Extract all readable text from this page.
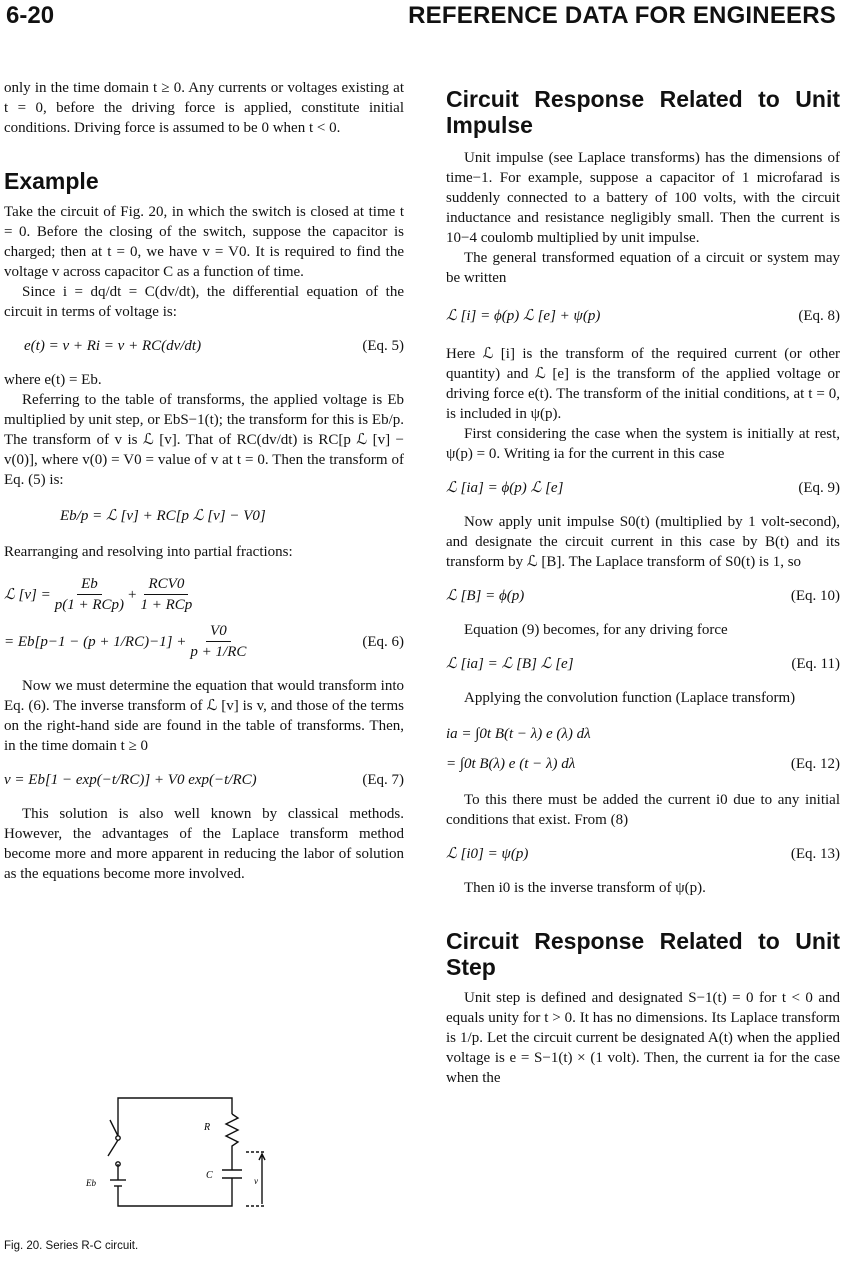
6-20	REFERENCE DATA FOR ENGINEERS

only in the time domain t ≥ 0. Any currents or voltages existing at t = 0, before the driving force is applied, constitute initial conditions. Driving force is assumed to be 0 when t < 0.

Example

Take the circuit of Fig. 20, in which the switch is closed at time t = 0. Before the closing of the switch, suppose the capacitor is charged; then at t = 0, we have v = V0. It is required to find the voltage v across capacitor C as a function of time.

Since i = dq/dt = C(dv/dt), the differential equation of the circuit in terms of voltage is:

e(t) = v + Ri = v + RC(dv/dt)	(Eq. 5)

where e(t) = Eb.

Referring to the table of transforms, the applied voltage is Eb multiplied by unit step, or EbS−1(t); the transform for this is Eb/p. The transform of v is ℒ [v]. That of RC(dv/dt) is RC[p ℒ [v] − v(0)], where v(0) = V0 = value of v at t = 0. Then the transform of Eq. (5) is:

Eb/p = ℒ [v] + RC[p ℒ [v] − V0]

Rearranging and resolving into partial fractions:

ℒ $[v] = \frac{Eb}{\text{p(1 + RCp)}} + \frac{\text{RCV0}}{\text{1 + RCp}}$
= $Eb[p-1 - (p + 1/RC)-1] + \frac{V0}{p + 1/RC}$	(Eq. 6)

Now we must determine the equation that would transform into Eq. (6). The inverse transform of ℒ [v] is v, and those of the terms on the right-hand side are found in the table of transforms. Then, in the time domain t ≥ 0

v = Eb[1 − exp(−t/RC)] + V0 exp(−t/RC)	(Eq. 7)

This solution is also well known by classical methods. However, the advantages of the Laplace transform method become more and more apparent in reducing the labor of solution as the equations become more involved.

R
C
Eb	v
Fig. 20. Series R-C circuit.
Circuit Response Related to Unit Impulse

Unit impulse (see Laplace transforms) has the dimensions of time−1. For example, suppose a capacitor of 1 microfarad is suddenly connected to a battery of 100 volts, with the circuit inductance and resistance negligibly small. Then the current is 10−4 coulomb multiplied by unit impulse.

The general transformed equation of a circuit or system may be written

ℒ [i] = ϕ(p) ℒ [e] + ψ(p)	(Eq. 8)

Here ℒ [i] is the transform of the required current (or other quantity) and ℒ [e] is the transform of the applied voltage or driving force e(t). The transform of the initial conditions, at t = 0, is included in ψ(p).

First considering the case when the system is initially at rest, ψ(p) = 0. Writing ia for the current in this case

ℒ [ia] = ϕ(p) ℒ [e]	(Eq. 9)

Now apply unit impulse S0(t) (multiplied by 1 volt-second), and designate the circuit current in this case by B(t) and its transform by ℒ [B]. The Laplace transform of S0(t) is 1, so

ℒ [B] = ϕ(p)	(Eq. 10)

Equation (9) becomes, for any driving force

ℒ [ia] = ℒ [B] ℒ [e]	(Eq. 11)

Applying the convolution function (Laplace transform)

ia = ∫0t B(t − λ) e (λ) dλ
= ∫0t B(λ) e (t − λ) dλ	(Eq. 12)

To this there must be added the current i0 due to any initial conditions that exist. From (8)

ℒ [i0] = ψ(p)	(Eq. 13)

Then i0 is the inverse transform of ψ(p).

Circuit Response Related to Unit Step

Unit step is defined and designated S−1(t) = 0 for t < 0 and equals unity for t > 0. It has no dimensions. Its Laplace transform is 1/p. Let the circuit current be designated A(t) when the applied voltage is e = S−1(t) × (1 volt). Then, the current ia for the case when the
